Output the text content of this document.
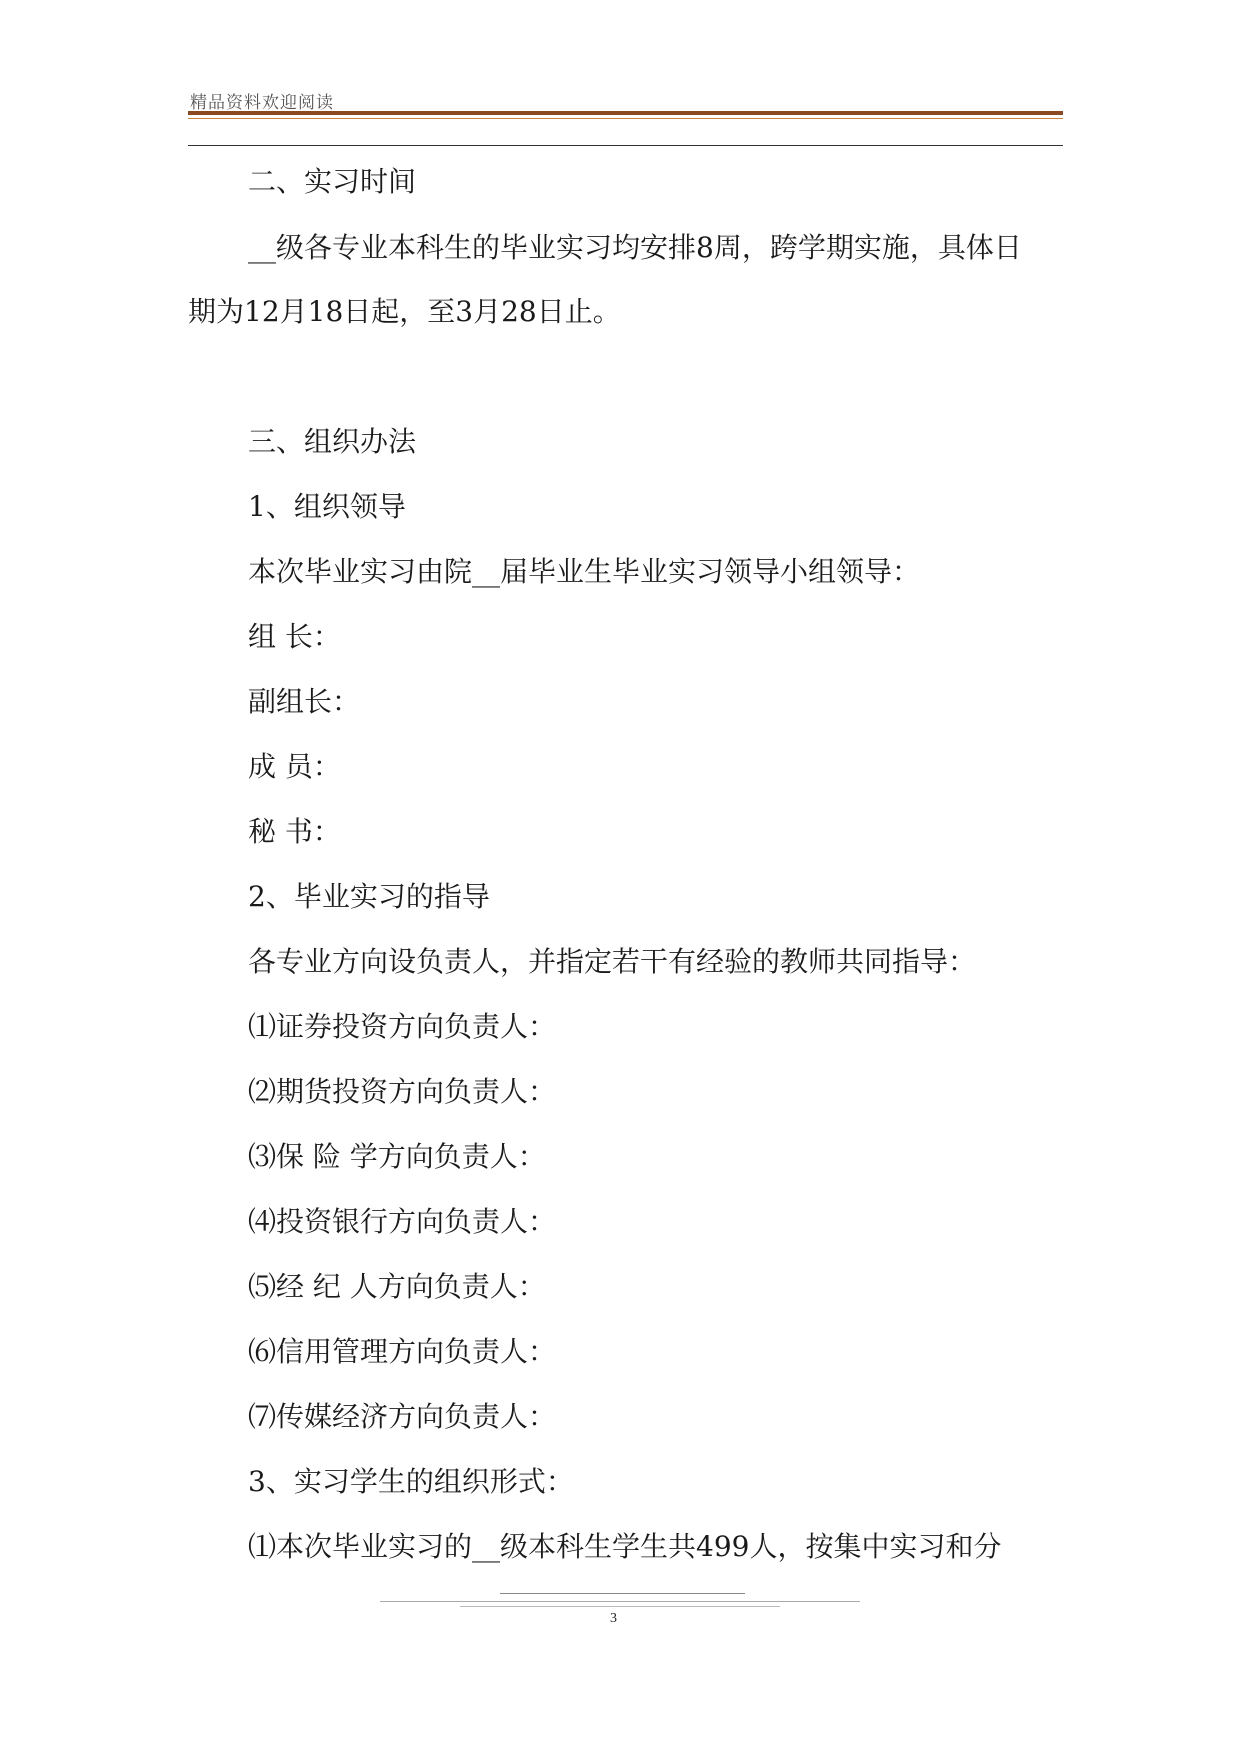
精品资料欢迎阅读
二、实习时间
__级各专业本科生的毕业实习均安排8周，跨学期实施，具体日
期为12月18日起，至3月28日止。
三、组织办法
1、组织领导
本次毕业实习由院__届毕业生毕业实习领导小组领导：
组 长：
副组长：
成 员：
秘 书：
2、毕业实习的指导
各专业方向设负责人，并指定若干有经验的教师共同指导：
⑴证券投资方向负责人：
⑵期货投资方向负责人：
⑶保 险 学方向负责人：
⑷投资银行方向负责人：
⑸经 纪 人方向负责人：
⑹信用管理方向负责人：
⑺传媒经济方向负责人：
3、实习学生的组织形式：
⑴本次毕业实习的__级本科生学生共499人，按集中实习和分
3
